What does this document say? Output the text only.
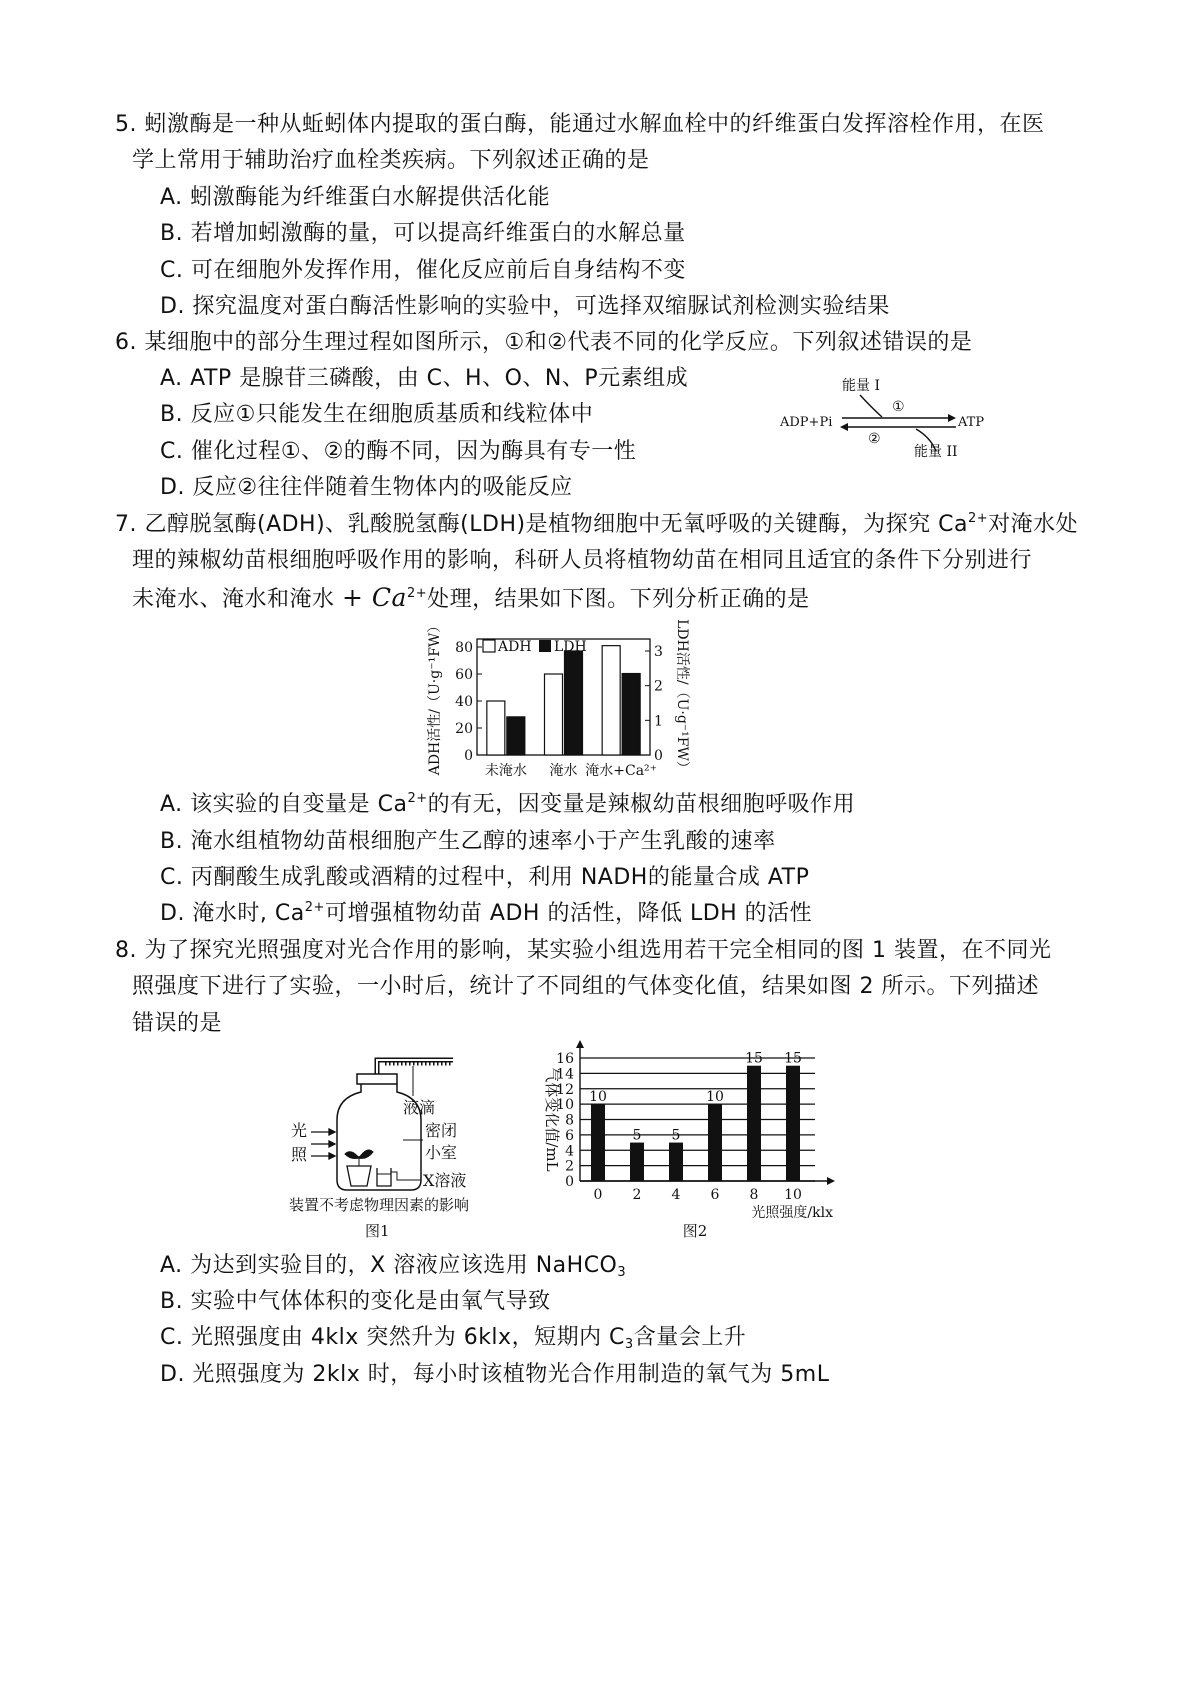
5. 蚓激酶是一种从蚯蚓体内提取的蛋白酶，能通过水解血栓中的纤维蛋白发挥溶栓作用，在医
学上常用于辅助治疗血栓类疾病。下列叙述正确的是
A. 蚓激酶能为纤维蛋白水解提供活化能
B. 若增加蚓激酶的量，可以提高纤维蛋白的水解总量
C. 可在细胞外发挥作用，催化反应前后自身结构不变
D. 探究温度对蛋白酶活性影响的实验中，可选择双缩脲试剂检测实验结果
6. 某细胞中的部分生理过程如图所示，①和②代表不同的化学反应。下列叙述错误的是
A. ATP 是腺苷三磷酸，由 C、H、O、N、P元素组成
B. 反应①只能发生在细胞质基质和线粒体中
C. 催化过程①、②的酶不同，因为酶具有专一性
D. 反应②往往伴随着生物体内的吸能反应
能量 I
①
ADP+Pi	ATP
②
能量 II
7. 乙醇脱氢酶(ADH)、乳酸脱氢酶(LDH)是植物细胞中无氧呼吸的关键酶，为探究 $Ca^{2+}$对淹水处
理的辣椒幼苗根细胞呼吸作用的影响，科研人员将植物幼苗在相同且适宜的条件下分别进行
未淹水、淹水和淹水 + $Ca^{2+}$处理，结果如下图。下列分析正确的是
0
20
40
60
80
0
1
2
3
未淹水 淹水 淹水+Ca²⁺
ADH LDH
ADH活性/（U·g⁻¹FW）	LDH活性/（U·g⁻¹FW）
A. 该实验的自变量是 $Ca^{2+}$的有无，因变量是辣椒幼苗根细胞呼吸作用
B. 淹水组植物幼苗根细胞产生乙醇的速率小于产生乳酸的速率
C. 丙酮酸生成乳酸或酒精的过程中，利用 NADH的能量合成 ATP
D. 淹水时, $Ca^{2+}$可增强植物幼苗 ADH 的活性，降低 LDH 的活性
8. 为了探究光照强度对光合作用的影响，某实验小组选用若干完全相同的图 1 装置，在不同光
照强度下进行了实验，一小时后，统计了不同组的气体变化值，结果如图 2 所示。下列描述
错误的是
液滴
密闭
小室
X溶液
光
照
装置不考虑物理因素的影响
图1
0
2
4
6
8
10
12
14
16
10
0
5
2
5
4
10
6
15
8
15
10
光照强度/klx
气体变化值/mL
图2
A. 为达到实验目的，X 溶液应该选用 NaHCO$_3$
B. 实验中气体体积的变化是由氧气导致
C. 光照强度由 4klx 突然升为 6klx，短期内 $C_3$含量会上升
D. 光照强度为 2klx 时，每小时该植物光合作用制造的氧气为 5mL
